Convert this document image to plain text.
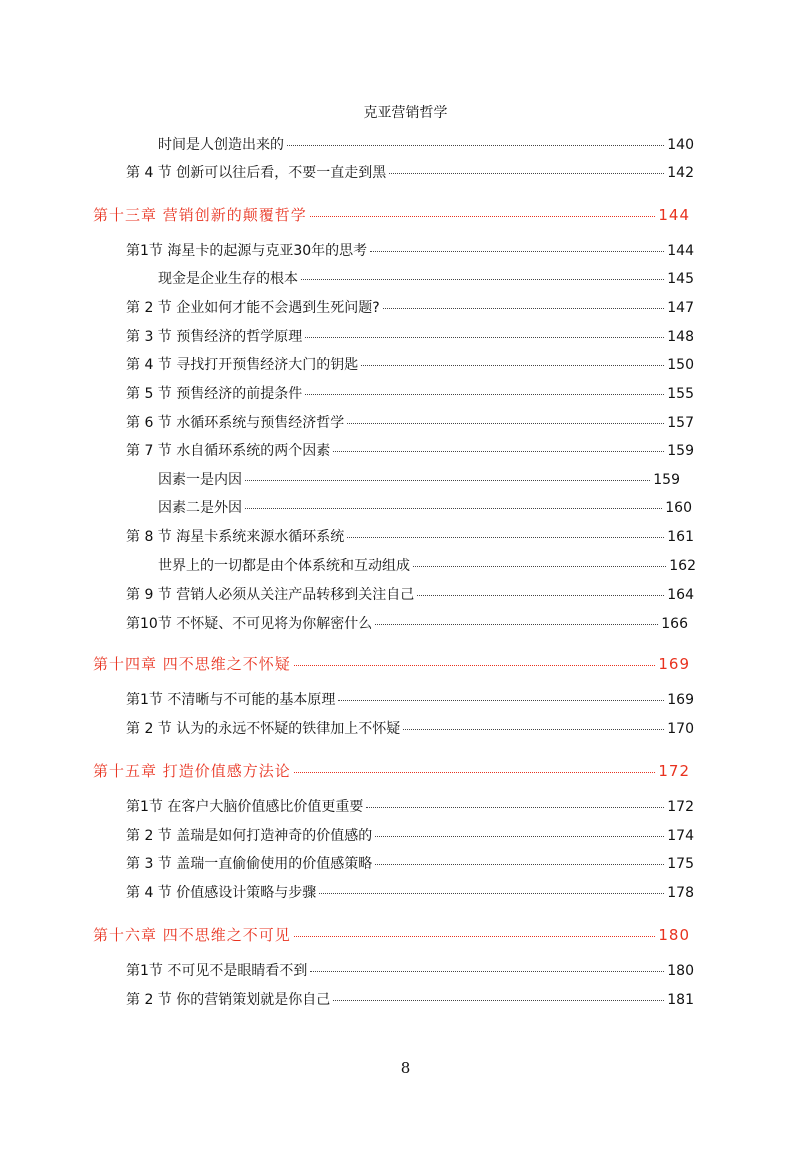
克亚营销哲学
时间是人创造出来的	140
第 4 节 创新可以往后看，不要一直走到黑	142
第十三章 营销创新的颠覆哲学	144
第1节 海星卡的起源与克亚30年的思考	144
现金是企业生存的根本	145
第 2 节 企业如何才能不会遇到生死问题?	147
第 3 节 预售经济的哲学原理	148
第 4 节 寻找打开预售经济大门的钥匙	150
第 5 节 预售经济的前提条件	155
第 6 节 水循环系统与预售经济哲学	157
第 7 节 水自循环系统的两个因素	159
因素一是内因	159
因素二是外因	160
第 8 节 海星卡系统来源水循环系统	161
世界上的一切都是由个体系统和互动组成	162
第 9 节 营销人必须从关注产品转移到关注自己	164
第10节 不怀疑、不可见将为你解密什么	166
第十四章 四不思维之不怀疑	169
第1节 不清晰与不可能的基本原理	169
第 2 节 认为的永远不怀疑的铁律加上不怀疑	170
第十五章 打造价值感方法论	172
第1节 在客户大脑价值感比价值更重要	172
第 2 节 盖瑞是如何打造神奇的价值感的	174
第 3 节 盖瑞一直偷偷使用的价值感策略	175
第 4 节 价值感设计策略与步骤	178
第十六章 四不思维之不可见	180
第1节 不可见不是眼睛看不到	180
第 2 节 你的营销策划就是你自己	181
8
